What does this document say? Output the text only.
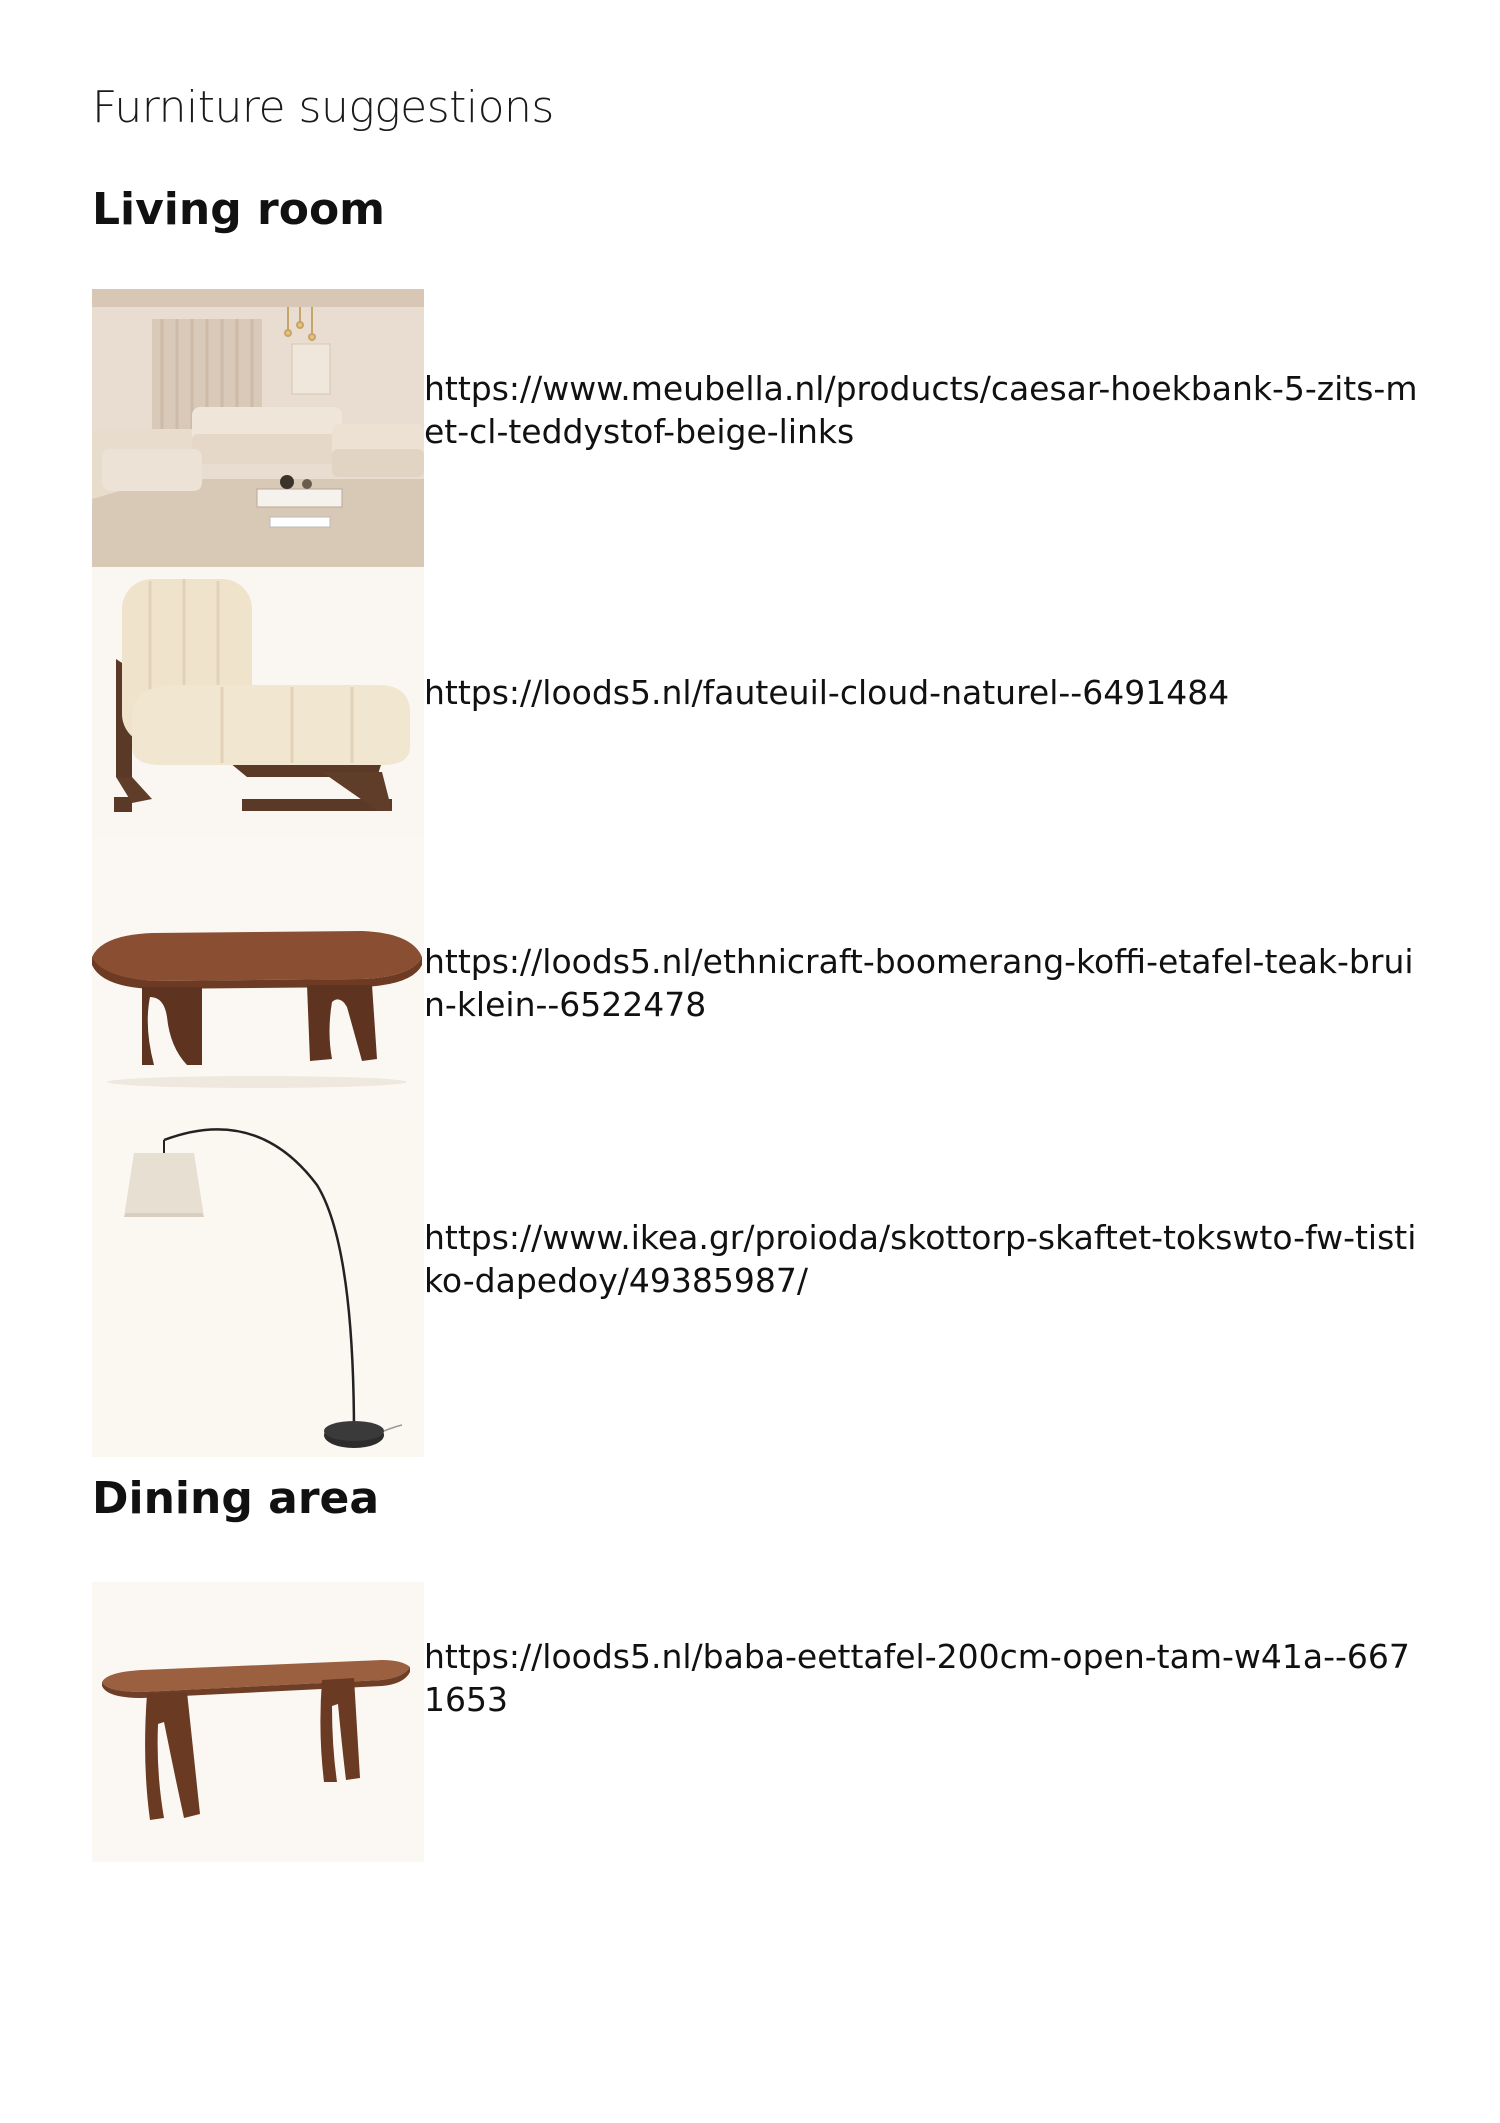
Furniture suggestions
Living room
https://www.meubella.nl/products/caesar-hoekbank-5-zits-met-cl-teddystof-beige-links
https://loods5.nl/fauteuil-cloud-naturel--6491484
https://loods5.nl/ethnicraft-boomerang-koffi-etafel-teak-bruin-klein--6522478
https://www.ikea.gr/proioda/skottorp-skaftet-tokswto-fw-tistiko-dapedoy/49385987/
Dining area
https://loods5.nl/baba-eettafel-200cm-open-tam-w41a--6671653
